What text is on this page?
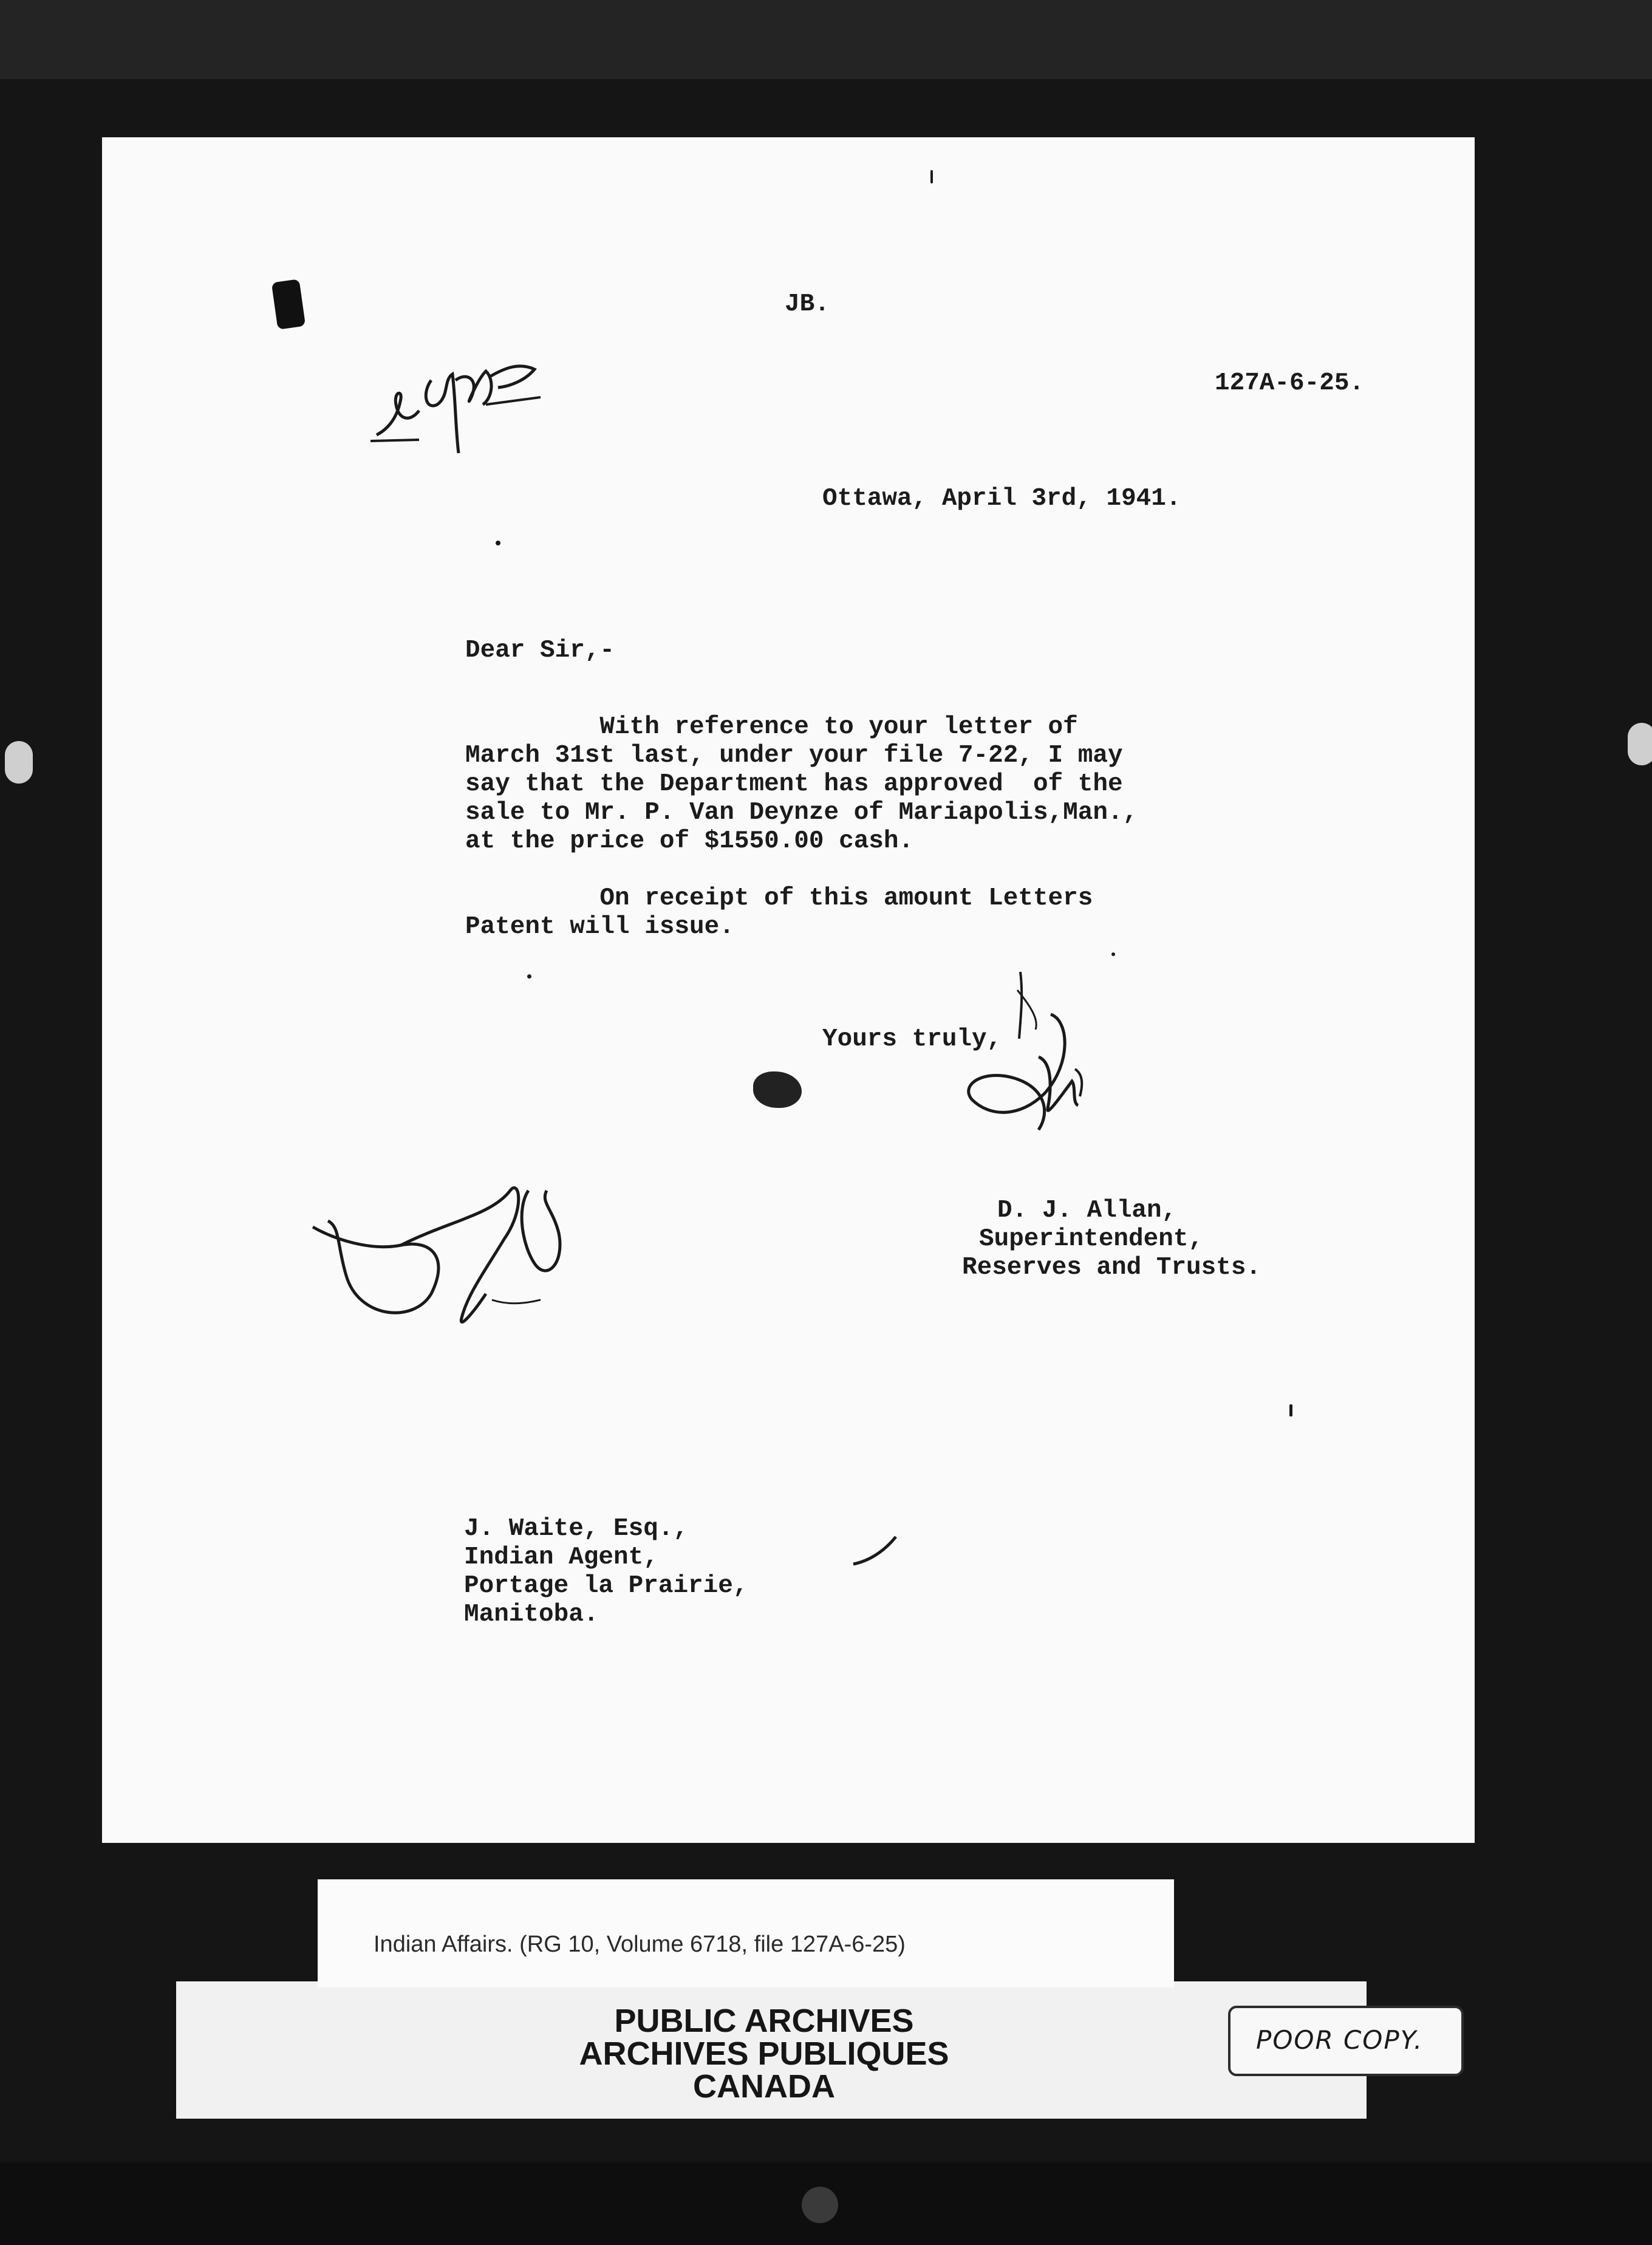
JB.
127A-6-25.
Ottawa, April 3rd, 1941.
Dear Sir,-
With reference to your letter of
March 31st last, under your file 7-22, I may
say that the Department has approved  of the
sale to Mr. P. Van Deynze of Mariapolis,Man.,
at the price of $1550.00 cash.
On receipt of this amount Letters
Patent will issue.
Yours truly,
D. J. Allan,
Superintendent,
Reserves and Trusts.
J. Waite, Esq.,
Indian Agent,
Portage la Prairie,
Manitoba.
Indian Affairs. (RG 10, Volume 6718, file 127A-6-25)
PUBLIC ARCHIVES
ARCHIVES PUBLIQUES
CANADA
POOR COPY.
